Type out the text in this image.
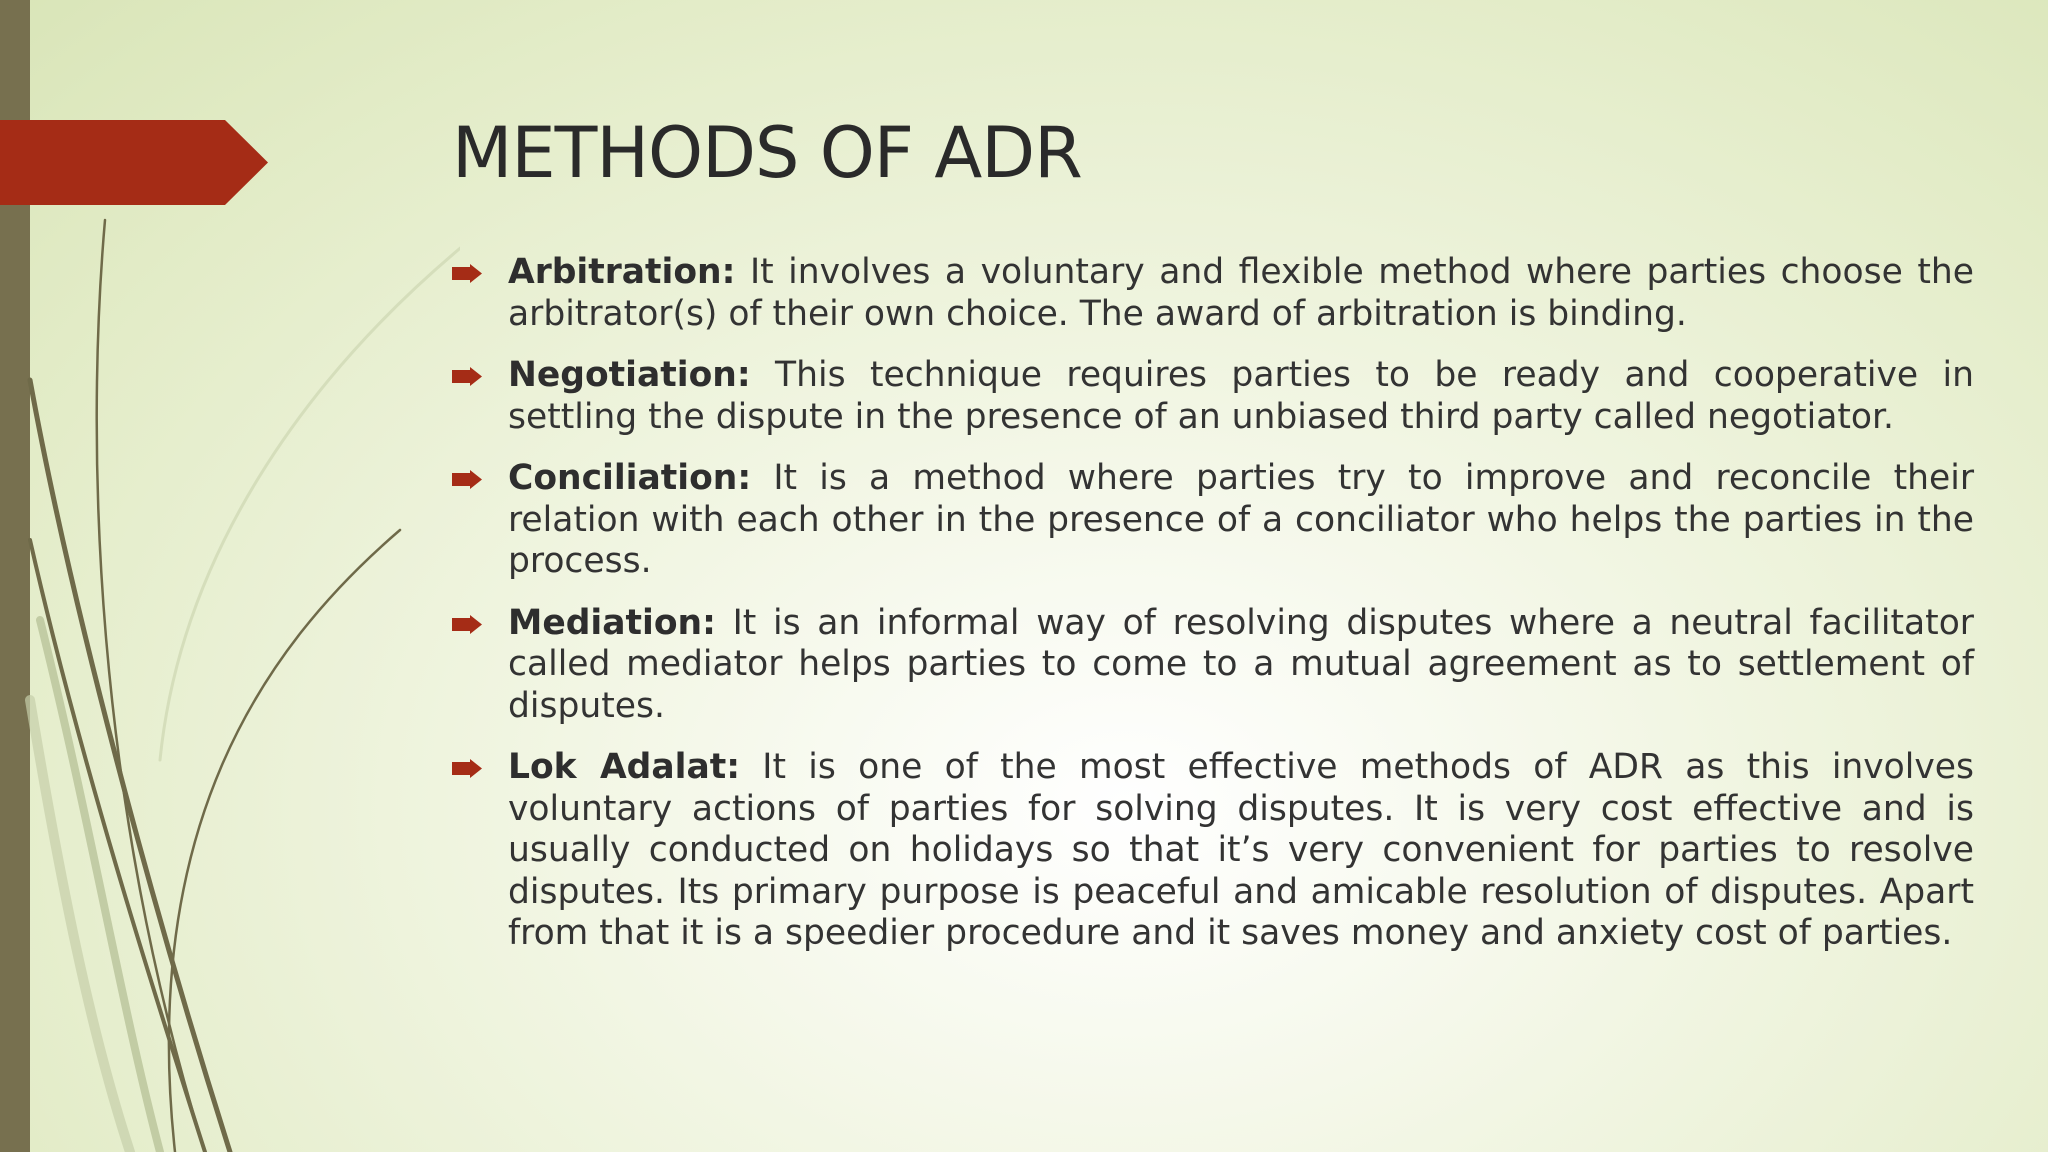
METHODS OF ADR
Arbitration: It involves a voluntary and flexible method where parties choose the arbitrator(s) of their own choice. The award of arbitration is binding.
Negotiation: This technique requires parties to be ready and cooperative in settling the dispute in the presence of an unbiased third party called negotiator.
Conciliation: It is a method where parties try to improve and reconcile their relation with each other in the presence of a conciliator who helps the parties in the process.
Mediation: It is an informal way of resolving disputes where a neutral facilitator called mediator helps parties to come to a mutual agreement as to settlement of disputes.
Lok Adalat: It is one of the most effective methods of ADR as this involves voluntary actions of parties for solving disputes. It is very cost effective and is usually conducted on holidays so that it’s very convenient for parties to resolve disputes. Its primary purpose is peaceful and amicable resolution of disputes. Apart from that it is a speedier procedure and it saves money and anxiety cost of parties.
